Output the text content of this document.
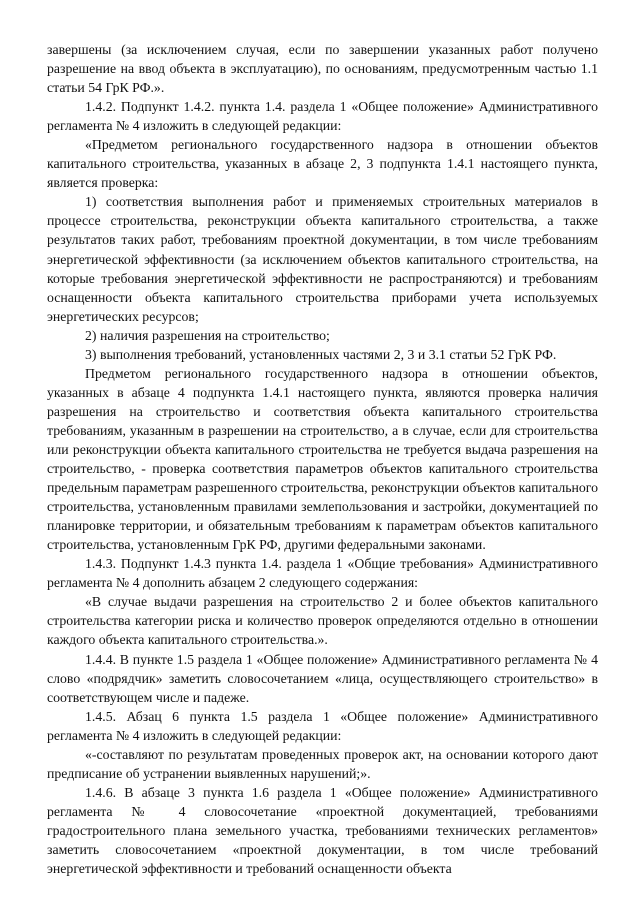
завершены (за исключением случая, если по завершении указанных работ получено разрешение на ввод объекта в эксплуатацию), по основаниям, предусмотренным частью 1.1 статьи 54 ГрК РФ.».

1.4.2. Подпункт 1.4.2. пункта 1.4. раздела 1 «Общее положение» Административного регламента № 4 изложить в следующей редакции:

«Предметом регионального государственного надзора в отношении объектов капитального строительства, указанных в абзаце 2, 3 подпункта 1.4.1 настоящего пункта, является проверка:

1) соответствия выполнения работ и применяемых строительных материалов в процессе строительства, реконструкции объекта капитального строительства, а также результатов таких работ, требованиям проектной документации, в том числе требованиям энергетической эффективности (за исключением объектов капитального строительства, на которые требования энергетической эффективности не распространяются) и требованиям оснащенности объекта капитального строительства приборами учета используемых энергетических ресурсов;

2) наличия разрешения на строительство;

3) выполнения требований, установленных частями 2, 3 и 3.1 статьи 52 ГрК РФ.

Предметом регионального государственного надзора в отношении объектов, указанных в абзаце 4 подпункта 1.4.1 настоящего пункта, являются проверка наличия разрешения на строительство и соответствия объекта капитального строительства требованиям, указанным в разрешении на строительство, а в случае, если для строительства или реконструкции объекта капитального строительства не требуется выдача разрешения на строительство, - проверка соответствия параметров объектов капитального строительства предельным параметрам разрешенного строительства, реконструкции объектов капитального строительства, установленным правилами землепользования и застройки, документацией по планировке территории, и обязательным требованиям к параметрам объектов капитального строительства, установленным ГрК РФ, другими федеральными законами.

1.4.3. Подпункт 1.4.3 пункта 1.4. раздела 1 «Общие требования» Административного регламента № 4 дополнить абзацем 2 следующего содержания:

«В случае выдачи разрешения на строительство 2 и более объектов капитального строительства категории риска и количество проверок определяются отдельно в отношении каждого объекта капитального строительства.».

1.4.4. В пункте 1.5 раздела 1 «Общее положение» Административного регламента № 4 слово «подрядчик» заметить словосочетанием «лица, осуществляющего строительство» в соответствующем числе и падеже.

1.4.5. Абзац 6 пункта 1.5 раздела 1 «Общее положение» Административного регламента № 4 изложить в следующей редакции:

«-составляют по результатам проведенных проверок акт, на основании которого дают предписание об устранении выявленных нарушений;».

1.4.6. В абзаце 3 пункта 1.6 раздела 1 «Общее положение» Административного регламента № 4 словосочетание «проектной документацией, требованиями градостроительного плана земельного участка, требованиями технических регламентов» заметить словосочетанием «проектной документации, в том числе требований энергетической эффективности и требований оснащенности объекта
